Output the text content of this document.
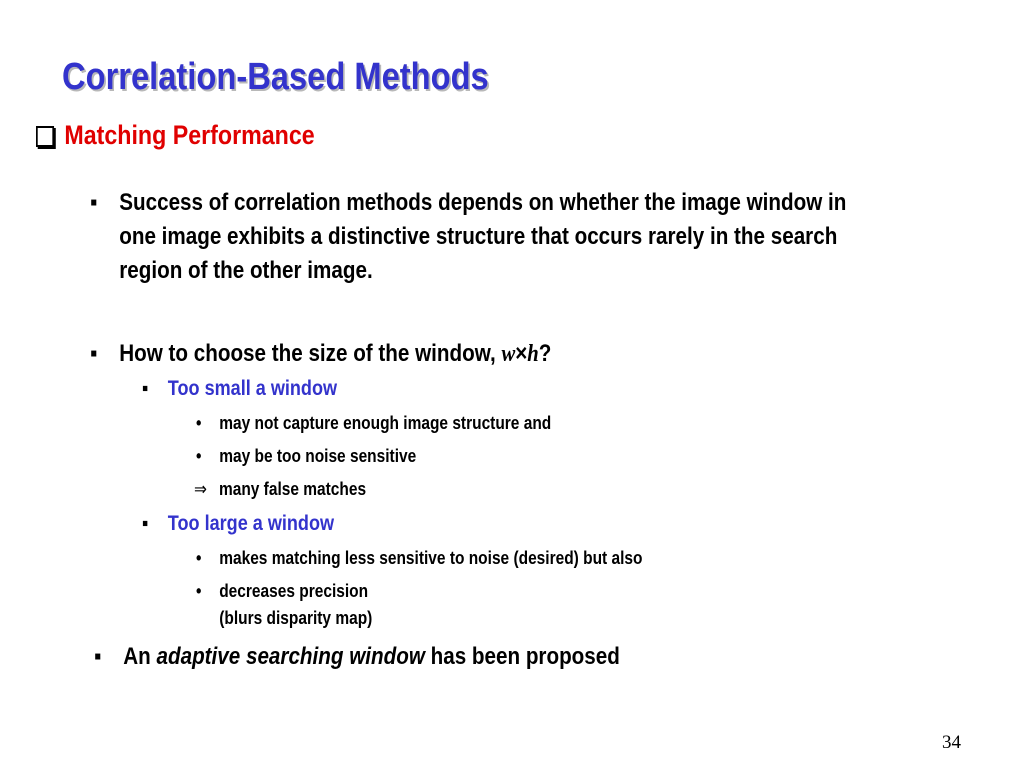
Correlation-Based Methods
Matching Performance
▪ Success of correlation methods depends on whether the image window in
one image exhibits a distinctive structure that occurs rarely in the search
region of the other image.
▪ How to choose the size of the window, w×h?
▪ Too small a window
• may not capture enough image structure and
• may be too noise sensitive
⇒ many false matches
▪ Too large a window
• makes matching less sensitive to noise (desired) but also
• decreases precision
(blurs disparity map)
▪ An adaptive searching window has been proposed
34
